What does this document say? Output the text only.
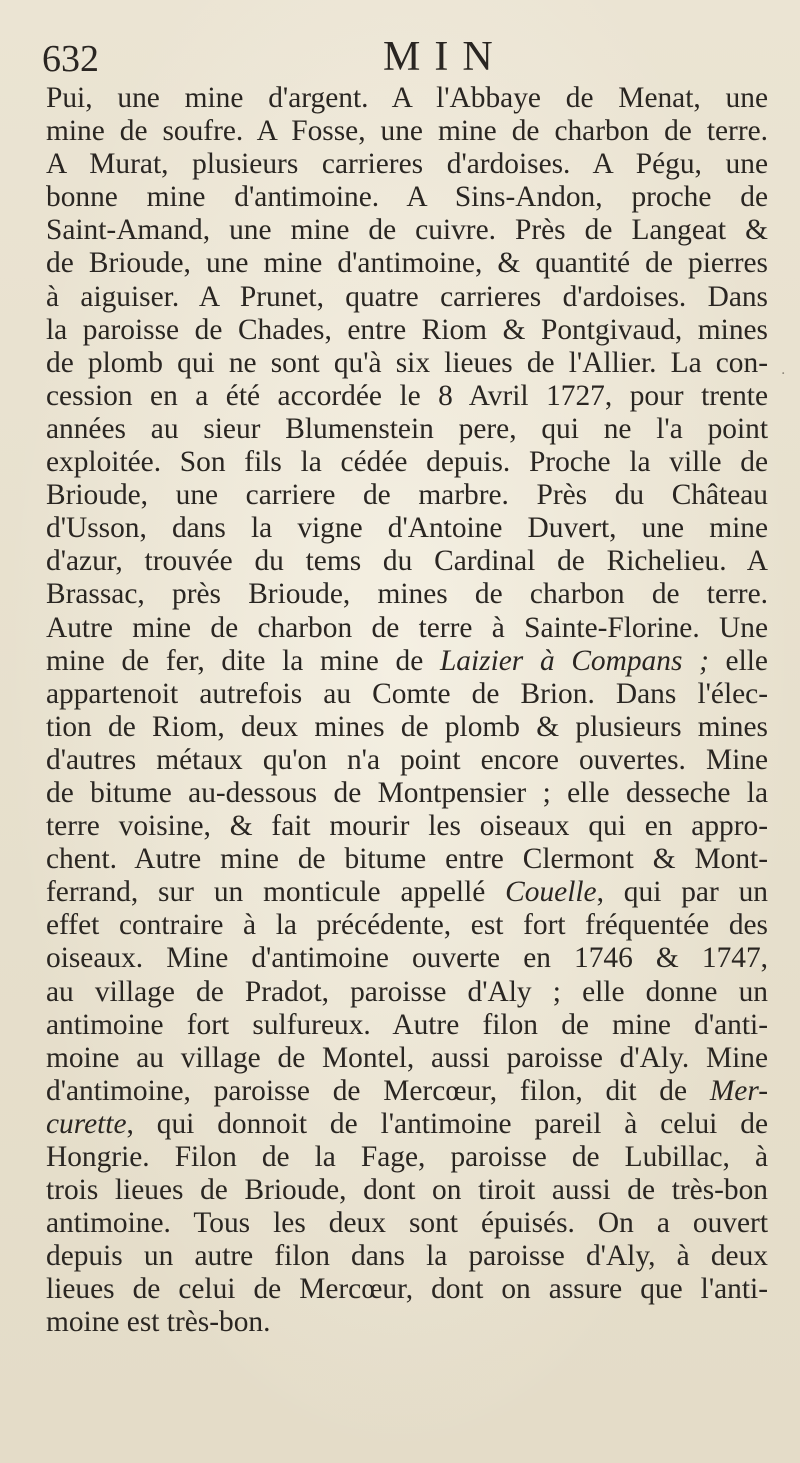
632	MIN
Pui, une mine d'argent. A l'Abbaye de Menat, une
mine de soufre. A Fosse, une mine de charbon de terre.
A Murat, plusieurs carrieres d'ardoises. A Pégu, une
bonne mine d'antimoine. A Sins-Andon, proche de
Saint-Amand, une mine de cuivre. Près de Langeat &
de Brioude, une mine d'antimoine, & quantité de pierres
à aiguiser. A Prunet, quatre carrieres d'ardoises. Dans
la paroisse de Chades, entre Riom & Pontgivaud, mines
de plomb qui ne sont qu'à six lieues de l'Allier. La con-
cession en a été accordée le 8 Avril 1727, pour trente
années au sieur Blumenstein pere, qui ne l'a point
exploitée. Son fils la cédée depuis. Proche la ville de
Brioude, une carriere de marbre. Près du Château
d'Usson, dans la vigne d'Antoine Duvert, une mine
d'azur, trouvée du tems du Cardinal de Richelieu. A
Brassac, près Brioude, mines de charbon de terre.
Autre mine de charbon de terre à Sainte-Florine. Une
mine de fer, dite la mine de Laizier à Compans ; elle
appartenoit autrefois au Comte de Brion. Dans l'élec-
tion de Riom, deux mines de plomb & plusieurs mines
d'autres métaux qu'on n'a point encore ouvertes. Mine
de bitume au-dessous de Montpensier ; elle desseche la
terre voisine, & fait mourir les oiseaux qui en appro-
chent. Autre mine de bitume entre Clermont & Mont-
ferrand, sur un monticule appellé Couelle, qui par un
effet contraire à la précédente, est fort fréquentée des
oiseaux. Mine d'antimoine ouverte en 1746 & 1747,
au village de Pradot, paroisse d'Aly ; elle donne un
antimoine fort sulfureux. Autre filon de mine d'anti-
moine au village de Montel, aussi paroisse d'Aly. Mine
d'antimoine, paroisse de Mercœur, filon, dit de Mer-
curette, qui donnoit de l'antimoine pareil à celui de
Hongrie. Filon de la Fage, paroisse de Lubillac, à
trois lieues de Brioude, dont on tiroit aussi de très-bon
antimoine. Tous les deux sont épuisés. On a ouvert
depuis un autre filon dans la paroisse d'Aly, à deux
lieues de celui de Mercœur, dont on assure que l'anti-
moine est très-bon.
·
